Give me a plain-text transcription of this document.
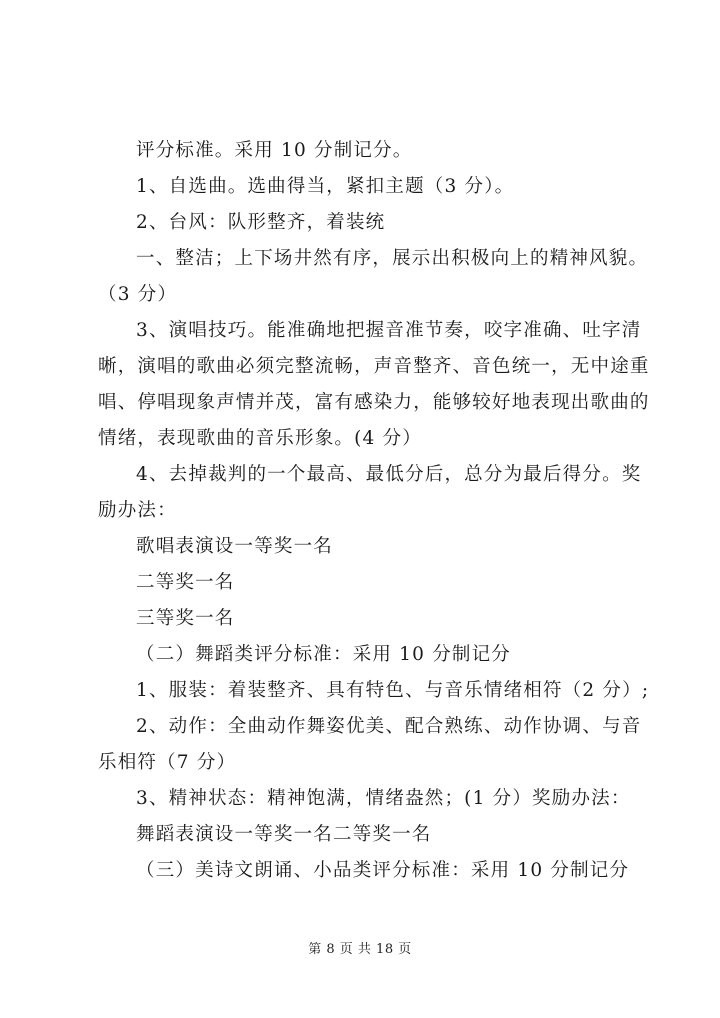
评分标准。采用 10 分制记分。
1、自选曲。选曲得当，紧扣主题（3 分）。
2、台风：队形整齐，着装统
一、整洁；上下场井然有序，展示出积极向上的精神风貌。
（3 分）
3、演唱技巧。能准确地把握音准节奏，咬字准确、吐字清
晰，演唱的歌曲必须完整流畅，声音整齐、音色统一，无中途重
唱、停唱现象声情并茂，富有感染力，能够较好地表现出歌曲的
情绪，表现歌曲的音乐形象。(4 分）
4、去掉裁判的一个最高、最低分后，总分为最后得分。奖
励办法：
歌唱表演设一等奖一名
二等奖一名
三等奖一名
（二）舞蹈类评分标准：采用 10 分制记分
1、服装：着装整齐、具有特色、与音乐情绪相符（2 分）;
2、动作：全曲动作舞姿优美、配合熟练、动作协调、与音
乐相符（7 分）
3、精神状态：精神饱满，情绪盎然；(1 分）奖励办法：
舞蹈表演设一等奖一名二等奖一名
（三）美诗文朗诵、小品类评分标准：采用 10 分制记分
第 8 页 共 18 页
